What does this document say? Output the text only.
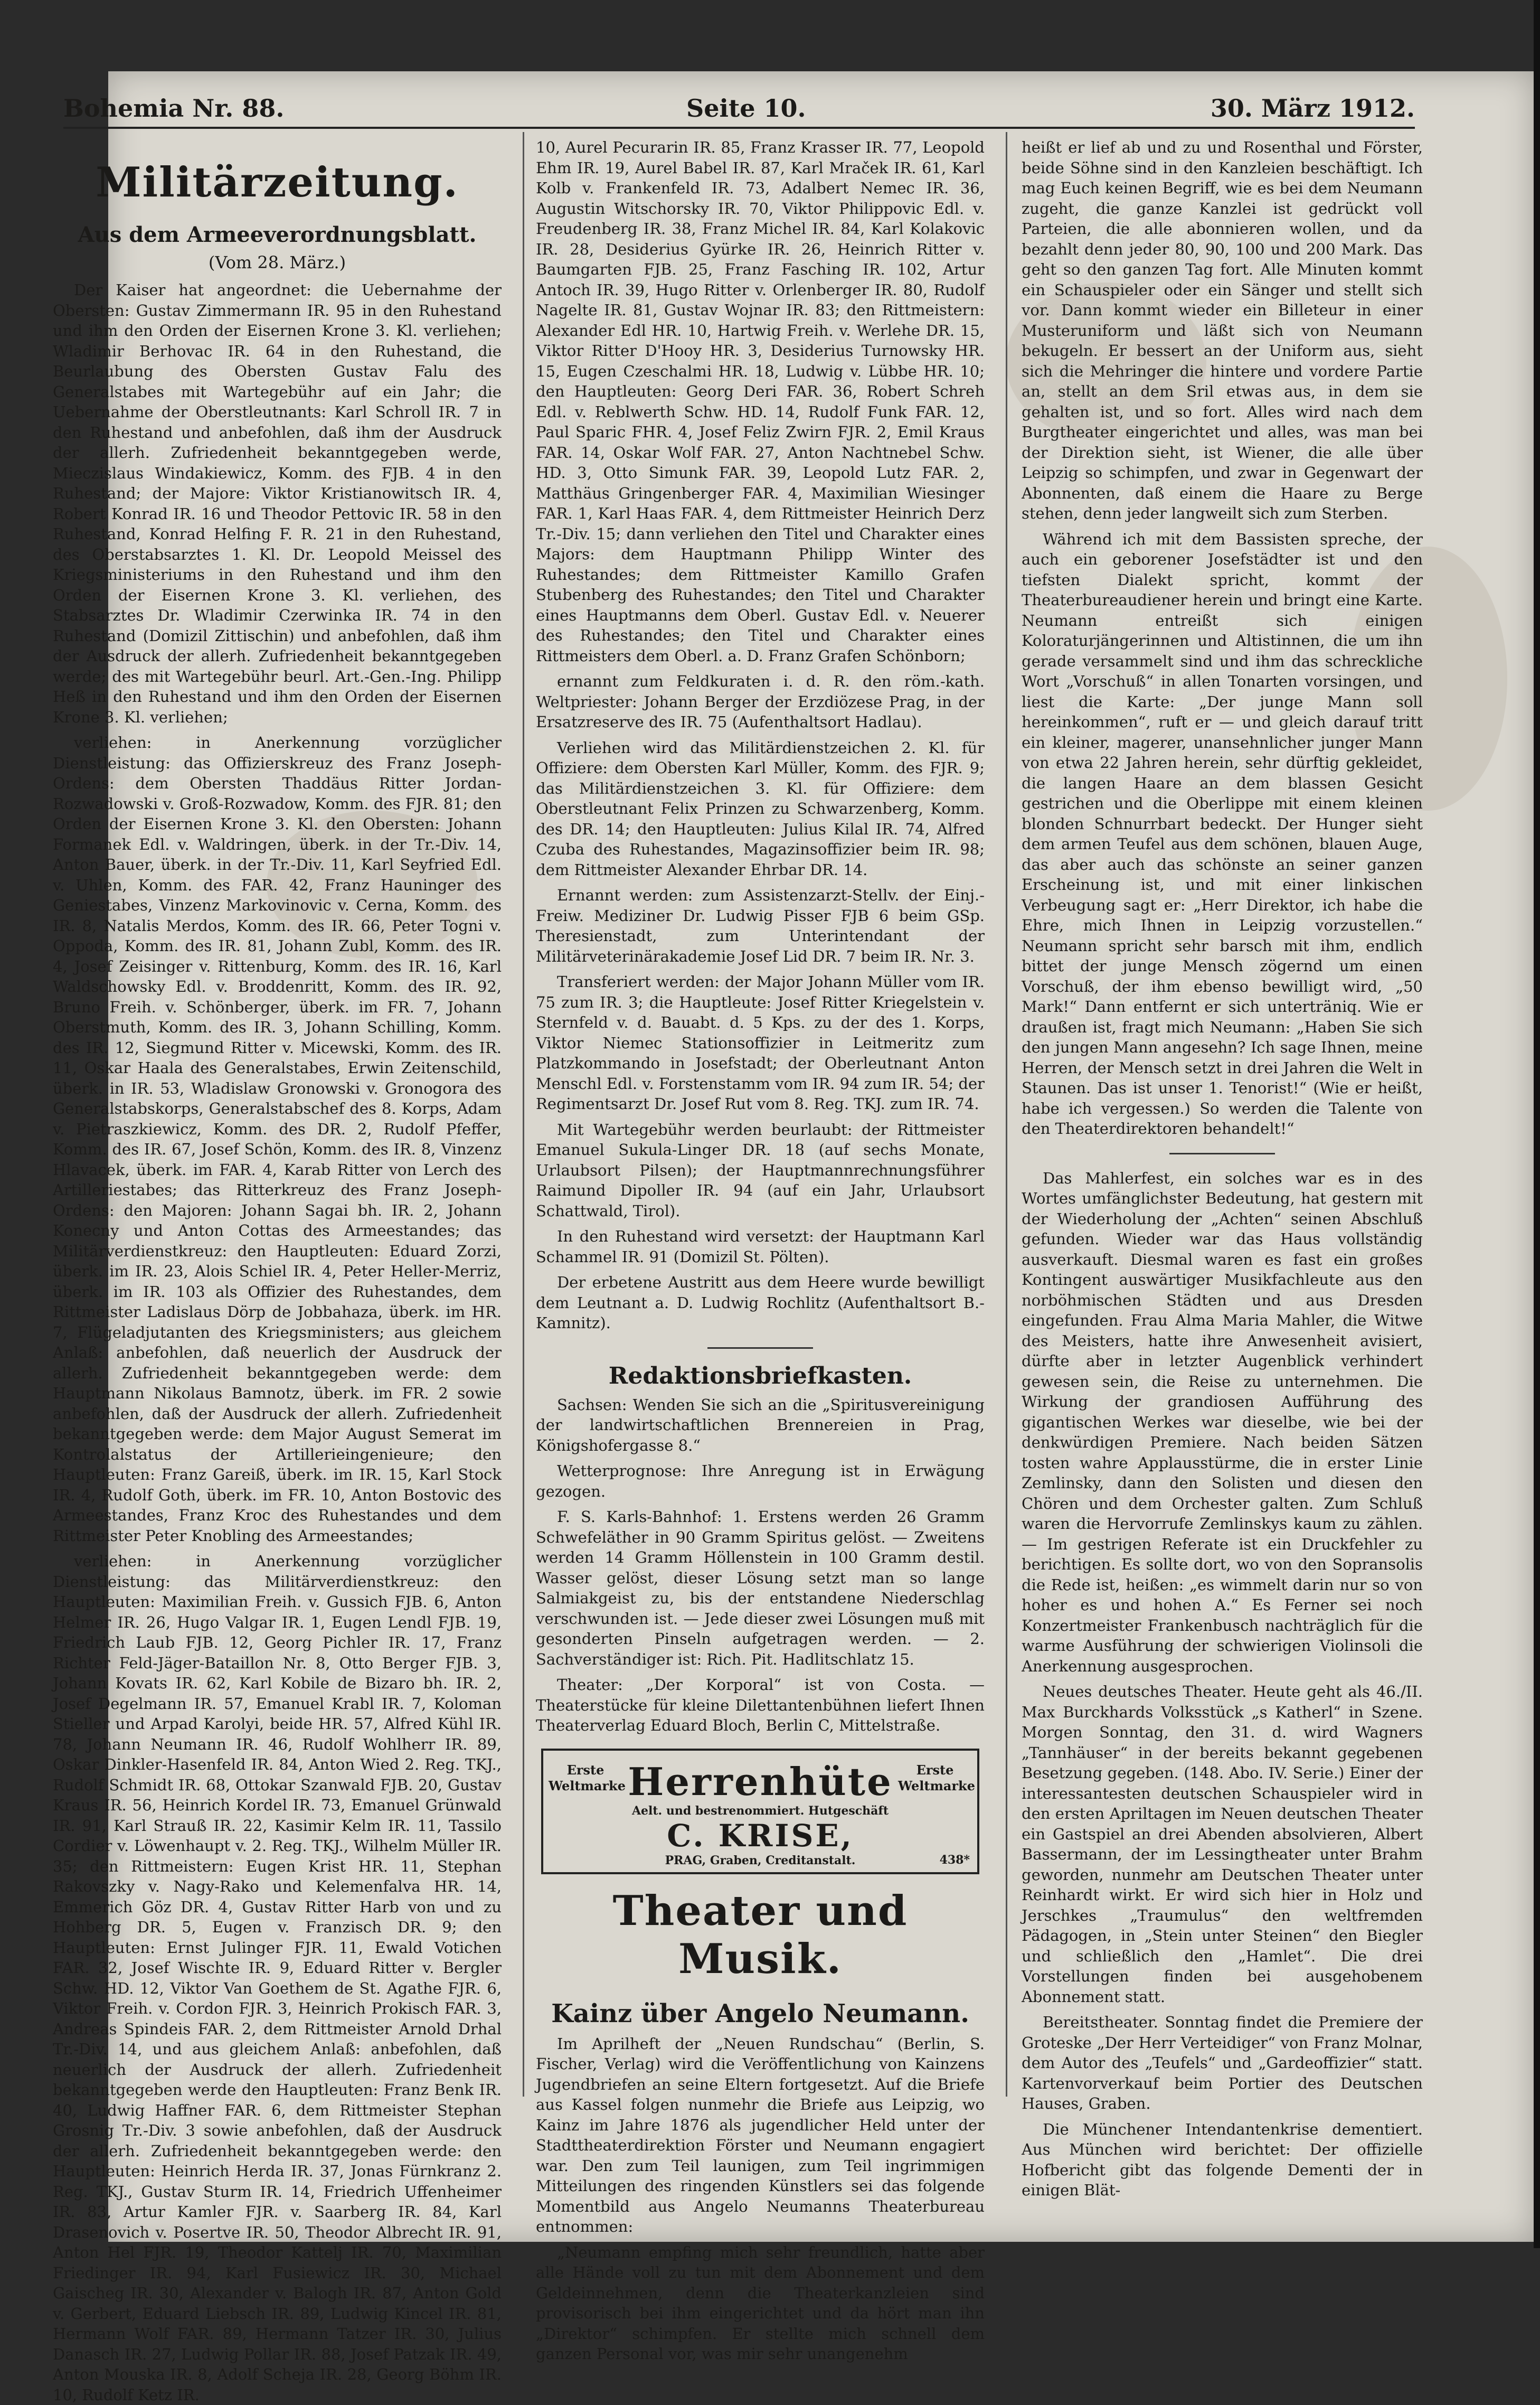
Bohemia Nr. 88.	Seite 10.	30. März 1912.
Militärzeitung.
Aus dem Armeeverordnungsblatt.
(Vom 28. März.)

Der Kaiser hat angeordnet: die Uebernahme der Obersten: Gustav Zimmermann IR. 95 in den Ruhestand und ihm den Orden der Eisernen Krone 3. Kl. verliehen; Wladimir Berhovac IR. 64 in den Ruhestand, die Beurlaubung des Obersten Gustav Falu des Generalstabes mit Wartegebühr auf ein Jahr; die Uebernahme der Oberstleutnants: Karl Schroll IR. 7 in den Ruhestand und anbefohlen, daß ihm der Ausdruck der allerh. Zufriedenheit bekanntgegeben werde, Mieczislaus Windakiewicz, Komm. des FJB. 4 in den Ruhestand; der Majore: Viktor Kristianowitsch IR. 4, Robert Konrad IR. 16 und Theodor Pettovic IR. 58 in den Ruhestand, Konrad Helfing F. R. 21 in den Ruhestand, des Oberstabsarztes 1. Kl. Dr. Leopold Meissel des Kriegsministeriums in den Ruhestand und ihm den Orden der Eisernen Krone 3. Kl. verliehen, des Stabsarztes Dr. Wladimir Czerwinka IR. 74 in den Ruhestand (Domizil Zittischin) und anbefohlen, daß ihm der Ausdruck der allerh. Zufriedenheit bekanntgegeben werde; des mit Wartegebühr beurl. Art.-Gen.-Ing. Philipp Heß in den Ruhestand und ihm den Orden der Eisernen Krone 3. Kl. verliehen;

verliehen: in Anerkennung vorzüglicher Dienstleistung: das Offizierskreuz des Franz Joseph-Ordens: dem Obersten Thaddäus Ritter Jordan-Rozwadowski v. Groß-Rozwadow, Komm. des FJR. 81; den Orden der Eisernen Krone 3. Kl. den Obersten: Johann Formanek Edl. v. Waldringen, überk. in der Tr.-Div. 14, Anton Bauer, überk. in der Tr.-Div. 11, Karl Seyfried Edl. v. Uhlen, Komm. des FAR. 42, Franz Hauninger des Geniestabes, Vinzenz Markovinovic v. Cerna, Komm. des IR. 8, Natalis Merdos, Komm. des IR. 66, Peter Togni v. Oppoda, Komm. des IR. 81, Johann Zubl, Komm. des IR. 4, Josef Zeisinger v. Rittenburg, Komm. des IR. 16, Karl Waldschowsky Edl. v. Broddenritt, Komm. des IR. 92, Bruno Freih. v. Schönberger, überk. im FR. 7, Johann Oberstmuth, Komm. des IR. 3, Johann Schilling, Komm. des IR. 12, Siegmund Ritter v. Micewski, Komm. des IR. 11, Oskar Haala des Generalstabes, Erwin Zeitenschild, überk. in IR. 53, Wladislaw Gronowski v. Gronogora des Generalstabskorps, Generalstabschef des 8. Korps, Adam v. Pietraszkiewicz, Komm. des DR. 2, Rudolf Pfeffer, Komm. des IR. 67, Josef Schön, Komm. des IR. 8, Vinzenz Hlavacek, überk. im FAR. 4, Karab Ritter von Lerch des Artilleriestabes; das Ritterkreuz des Franz Joseph-Ordens: den Majoren: Johann Sagai bh. IR. 2, Johann Konecny und Anton Cottas des Armeestandes; das Militärverdienstkreuz: den Hauptleuten: Eduard Zorzi, überk. im IR. 23, Alois Schiel IR. 4, Peter Heller-Merriz, überk. im IR. 103 als Offizier des Ruhestandes, dem Rittmeister Ladislaus Dörp de Jobbahaza, überk. im HR. 7, Flügeladjutanten des Kriegsministers; aus gleichem Anlaß: anbefohlen, daß neuerlich der Ausdruck der allerh. Zufriedenheit bekanntgegeben werde: dem Hauptmann Nikolaus Bamnotz, überk. im FR. 2 sowie anbefohlen, daß der Ausdruck der allerh. Zufriedenheit bekanntgegeben werde: dem Major August Semerat im Kontrolalstatus der Artillerieingenieure; den Hauptleuten: Franz Gareiß, überk. im IR. 15, Karl Stock IR. 4, Rudolf Goth, überk. im FR. 10, Anton Bostovic des Armeestandes, Franz Kroc des Ruhestandes und dem Rittmeister Peter Knobling des Armeestandes;

verliehen: in Anerkennung vorzüglicher Dienstleistung: das Militärverdienstkreuz: den Hauptleuten: Maximilian Freih. v. Gussich FJB. 6, Anton Helmer IR. 26, Hugo Valgar IR. 1, Eugen Lendl FJB. 19, Friedrich Laub FJB. 12, Georg Pichler IR. 17, Franz Richter Feld-Jäger-Bataillon Nr. 8, Otto Berger FJB. 3, Johann Kovats IR. 62, Karl Kobile de Bizaro bh. IR. 2, Josef Degelmann IR. 57, Emanuel Krabl IR. 7, Koloman Stieller und Arpad Karolyi, beide HR. 57, Alfred Kühl IR. 78, Johann Neumann IR. 46, Rudolf Wohlherr IR. 89, Oskar Dinkler-Hasenfeld IR. 84, Anton Wied 2. Reg. TKJ., Rudolf Schmidt IR. 68, Ottokar Szanwald FJB. 20, Gustav Kraus IR. 56, Heinrich Kordel IR. 73, Emanuel Grünwald IR. 91, Karl Strauß IR. 22, Kasimir Kelm IR. 11, Tassilo Cordier v. Löwenhaupt v. 2. Reg. TKJ., Wilhelm Müller IR. 35; den Rittmeistern: Eugen Krist HR. 11, Stephan Rakovszky v. Nagy-Rako und Kelemenfalva HR. 14, Emmerich Göz DR. 4, Gustav Ritter Harb von und zu Hohberg DR. 5, Eugen v. Franzisch DR. 9; den Hauptleuten: Ernst Julinger FJR. 11, Ewald Votichen FAR. 32, Josef Wischte IR. 9, Eduard Ritter v. Bergler Schw. HD. 12, Viktor Van Goethem de St. Agathe FJR. 6, Viktor Freih. v. Cordon FJR. 3, Heinrich Prokisch FAR. 3, Andreas Spindeis FAR. 2, dem Rittmeister Arnold Drhal Tr.-Div. 14, und aus gleichem Anlaß: anbefohlen, daß neuerlich der Ausdruck der allerh. Zufriedenheit bekanntgegeben werde den Hauptleuten: Franz Benk IR. 40, Ludwig Haffner FAR. 6, dem Rittmeister Stephan Grosnig Tr.-Div. 3 sowie anbefohlen, daß der Ausdruck der allerh. Zufriedenheit bekanntgegeben werde: den Hauptleuten: Heinrich Herda IR. 37, Jonas Fürnkranz 2. Reg. TKJ., Gustav Sturm IR. 14, Friedrich Uffenheimer IR. 83, Artur Kamler FJR. v. Saarberg IR. 84, Karl Drasenovich v. Posertve IR. 50, Theodor Albrecht IR. 91, Anton Hel FJR. 19, Theodor Kattelj IR. 70, Maximilian Friedinger IR. 94, Karl Fusiewicz IR. 30, Michael Gaischeg IR. 30, Alexander v. Balogh IR. 87, Anton Gold v. Gerbert, Eduard Liebsch IR. 89, Ludwig Kincel IR. 81, Hermann Wolf FAR. 89, Hermann Tatzer IR. 30, Julius Danasch IR. 27, Ludwig Pollar IR. 88, Josef Patzak IR. 49, Anton Mouska IR. 8, Adolf Scheja IR. 28, Georg Böhm IR. 10, Rudolf Ketz IR.

10, Aurel Pecurarin IR. 85, Franz Krasser IR. 77, Leopold Ehm IR. 19, Aurel Babel IR. 87, Karl Mraček IR. 61, Karl Kolb v. Frankenfeld IR. 73, Adalbert Nemec IR. 36, Augustin Witschorsky IR. 70, Viktor Philippovic Edl. v. Freudenberg IR. 38, Franz Michel IR. 84, Karl Kolakovic IR. 28, Desiderius Gyürke IR. 26, Heinrich Ritter v. Baumgarten FJB. 25, Franz Fasching IR. 102, Artur Antoch IR. 39, Hugo Ritter v. Orlenberger IR. 80, Rudolf Nagelte IR. 81, Gustav Wojnar IR. 83; den Rittmeistern: Alexander Edl HR. 10, Hartwig Freih. v. Werlehe DR. 15, Viktor Ritter D'Hooy HR. 3, Desiderius Turnowsky HR. 15, Eugen Czeschalmi HR. 18, Ludwig v. Lübbe HR. 10; den Hauptleuten: Georg Deri FAR. 36, Robert Schreh Edl. v. Reblwerth Schw. HD. 14, Rudolf Funk FAR. 12, Paul Sparic FHR. 4, Josef Feliz Zwirn FJR. 2, Emil Kraus FAR. 14, Oskar Wolf FAR. 27, Anton Nachtnebel Schw. HD. 3, Otto Simunk FAR. 39, Leopold Lutz FAR. 2, Matthäus Gringenberger FAR. 4, Maximilian Wiesinger FAR. 1, Karl Haas FAR. 4, dem Rittmeister Heinrich Derz Tr.-Div. 15; dann verliehen den Titel und Charakter eines Majors: dem Hauptmann Philipp Winter des Ruhestandes; dem Rittmeister Kamillo Grafen Stubenberg des Ruhestandes; den Titel und Charakter eines Hauptmanns dem Oberl. Gustav Edl. v. Neuerer des Ruhestandes; den Titel und Charakter eines Rittmeisters dem Oberl. a. D. Franz Grafen Schönborn;

ernannt zum Feldkuraten i. d. R. den röm.-kath. Weltpriester: Johann Berger der Erzdiözese Prag, in der Ersatzreserve des IR. 75 (Aufenthaltsort Hadlau).

Verliehen wird das Militärdienstzeichen 2. Kl. für Offiziere: dem Obersten Karl Müller, Komm. des FJR. 9; das Militärdienstzeichen 3. Kl. für Offiziere: dem Oberstleutnant Felix Prinzen zu Schwarzenberg, Komm. des DR. 14; den Hauptleuten: Julius Kilal IR. 74, Alfred Czuba des Ruhestandes, Magazinsoffizier beim IR. 98; dem Rittmeister Alexander Ehrbar DR. 14.

Ernannt werden: zum Assistenzarzt-Stellv. der Einj.-Freiw. Mediziner Dr. Ludwig Pisser FJB 6 beim GSp. Theresienstadt, zum Unterintendant der Militärveterinärakademie Josef Lid DR. 7 beim IR. Nr. 3.

Transferiert werden: der Major Johann Müller vom IR. 75 zum IR. 3; die Hauptleute: Josef Ritter Kriegelstein v. Sternfeld v. d. Bauabt. d. 5 Kps. zu der des 1. Korps, Viktor Niemec Stationsoffizier in Leitmeritz zum Platzkommando in Josefstadt; der Oberleutnant Anton Menschl Edl. v. Forstenstamm vom IR. 94 zum IR. 54; der Regimentsarzt Dr. Josef Rut vom 8. Reg. TKJ. zum IR. 74.

Mit Wartegebühr werden beurlaubt: der Rittmeister Emanuel Sukula-Linger DR. 18 (auf sechs Monate, Urlaubsort Pilsen); der Hauptmannrechnungsführer Raimund Dipoller IR. 94 (auf ein Jahr, Urlaubsort Schattwald, Tirol).

In den Ruhestand wird versetzt: der Hauptmann Karl Schammel IR. 91 (Domizil St. Pölten).

Der erbetene Austritt aus dem Heere wurde bewilligt dem Leutnant a. D. Ludwig Rochlitz (Aufenthaltsort B.-Kamnitz).

Redaktionsbriefkasten.

Sachsen: Wenden Sie sich an die „Spiritusvereinigung der landwirtschaftlichen Brennereien in Prag, Königshofergasse 8.“

Wetterprognose: Ihre Anregung ist in Erwägung gezogen.

F. S. Karls-Bahnhof: 1. Erstens werden 26 Gramm Schwefeläther in 90 Gramm Spiritus gelöst. — Zweitens werden 14 Gramm Höllenstein in 100 Gramm destil. Wasser gelöst, dieser Lösung setzt man so lange Salmiakgeist zu, bis der entstandene Niederschlag verschwunden ist. — Jede dieser zwei Lösungen muß mit gesonderten Pinseln aufgetragen werden. — 2. Sachverständiger ist: Rich. Pit. Hadlitschlatz 15.

Theater: „Der Korporal“ ist von Costa. — Theaterstücke für kleine Dilettantenbühnen liefert Ihnen Theaterverlag Eduard Bloch, Berlin C, Mittelstraße.

Erste Weltmarke
Erste Weltmarke
Herrenhüte
Aelt. und bestrenommiert. Hutgeschäft
C. KRISE,
PRAG, Graben, Creditanstalt.	438*
Theater und Musik.
Kainz über Angelo Neumann.

Im Aprilheft der „Neuen Rundschau“ (Berlin, S. Fischer, Verlag) wird die Veröffentlichung von Kainzens Jugendbriefen an seine Eltern fortgesetzt. Auf die Briefe aus Kassel folgen nunmehr die Briefe aus Leipzig, wo Kainz im Jahre 1876 als jugendlicher Held unter der Stadttheaterdirektion Förster und Neumann engagiert war. Den zum Teil launigen, zum Teil ingrimmigen Mitteilungen des ringenden Künstlers sei das folgende Momentbild aus Angelo Neumanns Theaterbureau entnommen:

„Neumann empfing mich sehr freundlich, hatte aber alle Hände voll zu tun mit dem Abonnement und dem Geldeinnehmen, denn die Theaterkanzleien sind provisorisch bei ihm eingerichtet und da hört man ihn „Direktor“ schimpfen. Er stellte mich schnell dem ganzen Personal vor, was mir sehr unangenehm

heißt er lief ab und zu und Rosenthal und Förster, beide Söhne sind in den Kanzleien beschäftigt. Ich mag Euch keinen Begriff, wie es bei dem Neumann zugeht, die ganze Kanzlei ist gedrückt voll Parteien, die alle abonnieren wollen, und da bezahlt denn jeder 80, 90, 100 und 200 Mark. Das geht so den ganzen Tag fort. Alle Minuten kommt ein Schauspieler oder ein Sänger und stellt sich vor. Dann kommt wieder ein Billeteur in einer Musteruniform und läßt sich von Neumann bekugeln. Er bessert an der Uniform aus, sieht sich die Mehringer die hintere und vordere Partie an, stellt an dem Sril etwas aus, in dem sie gehalten ist, und so fort. Alles wird nach dem Burgtheater eingerichtet und alles, was man bei der Direktion sieht, ist Wiener, die alle über Leipzig so schimpfen, und zwar in Gegenwart der Abonnenten, daß einem die Haare zu Berge stehen, denn jeder langweilt sich zum Sterben.

Während ich mit dem Bassisten spreche, der auch ein geborener Josefstädter ist und den tiefsten Dialekt spricht, kommt der Theaterbureaudiener herein und bringt eine Karte. Neumann entreißt sich einigen Koloraturjängerinnen und Altistinnen, die um ihn gerade versammelt sind und ihm das schreckliche Wort „Vorschuß“ in allen Tonarten vorsingen, und liest die Karte: „Der junge Mann soll hereinkommen“, ruft er — und gleich darauf tritt ein kleiner, magerer, unansehnlicher junger Mann von etwa 22 Jahren herein, sehr dürftig gekleidet, die langen Haare an dem blassen Gesicht gestrichen und die Oberlippe mit einem kleinen blonden Schnurrbart bedeckt. Der Hunger sieht dem armen Teufel aus dem schönen, blauen Auge, das aber auch das schönste an seiner ganzen Erscheinung ist, und mit einer linkischen Verbeugung sagt er: „Herr Direktor, ich habe die Ehre, mich Ihnen in Leipzig vorzustellen.“ Neumann spricht sehr barsch mit ihm, endlich bittet der junge Mensch zögernd um einen Vorschuß, der ihm ebenso bewilligt wird, „50 Mark!“ Dann entfernt er sich unterträniq. Wie er draußen ist, fragt mich Neumann: „Haben Sie sich den jungen Mann angesehn? Ich sage Ihnen, meine Herren, der Mensch setzt in drei Jahren die Welt in Staunen. Das ist unser 1. Tenorist!“ (Wie er heißt, habe ich vergessen.) So werden die Talente von den Theaterdirektoren behandelt!“

Das Mahlerfest, ein solches war es in des Wortes umfänglichster Bedeutung, hat gestern mit der Wiederholung der „Achten“ seinen Abschluß gefunden. Wieder war das Haus vollständig ausverkauft. Diesmal waren es fast ein großes Kontingent auswärtiger Musikfachleute aus den norböhmischen Städten und aus Dresden eingefunden. Frau Alma Maria Mahler, die Witwe des Meisters, hatte ihre Anwesenheit avisiert, dürfte aber in letzter Augenblick verhindert gewesen sein, die Reise zu unternehmen. Die Wirkung der grandiosen Aufführung des gigantischen Werkes war dieselbe, wie bei der denkwürdigen Premiere. Nach beiden Sätzen tosten wahre Applausstürme, die in erster Linie Zemlinsky, dann den Solisten und diesen den Chören und dem Orchester galten. Zum Schluß waren die Hervorrufe Zemlinskys kaum zu zählen. — Im gestrigen Referate ist ein Druckfehler zu berichtigen. Es sollte dort, wo von den Sopransolis die Rede ist, heißen: „es wimmelt darin nur so von hoher es und hohen A.“ Es Ferner sei noch Konzertmeister Frankenbusch nachträglich für die warme Ausführung der schwierigen Violinsoli die Anerkennung ausgesprochen.

Neues deutsches Theater. Heute geht als 46./II. Max Burckhards Volksstück „s Katherl“ in Szene. Morgen Sonntag, den 31. d. wird Wagners „Tannhäuser“ in der bereits bekannt gegebenen Besetzung gegeben. (148. Abo. IV. Serie.) Einer der interessantesten deutschen Schauspieler wird in den ersten Apriltagen im Neuen deutschen Theater ein Gastspiel an drei Abenden absolvieren, Albert Bassermann, der im Lessingtheater unter Brahm geworden, nunmehr am Deutschen Theater unter Reinhardt wirkt. Er wird sich hier in Holz und Jerschkes „Traumulus“ den weltfremden Pädagogen, in „Stein unter Steinen“ den Biegler und schließlich den „Hamlet“. Die drei Vorstellungen finden bei ausgehobenem Abonnement statt.

Bereitstheater. Sonntag findet die Premiere der Groteske „Der Herr Verteidiger“ von Franz Molnar, dem Autor des „Teufels“ und „Gardeoffizier“ statt. Kartenvorverkauf beim Portier des Deutschen Hauses, Graben.

Die Münchener Intendantenkrise dementiert. Aus München wird berichtet: Der offizielle Hofbericht gibt das folgende Dementi der in einigen Blät-
